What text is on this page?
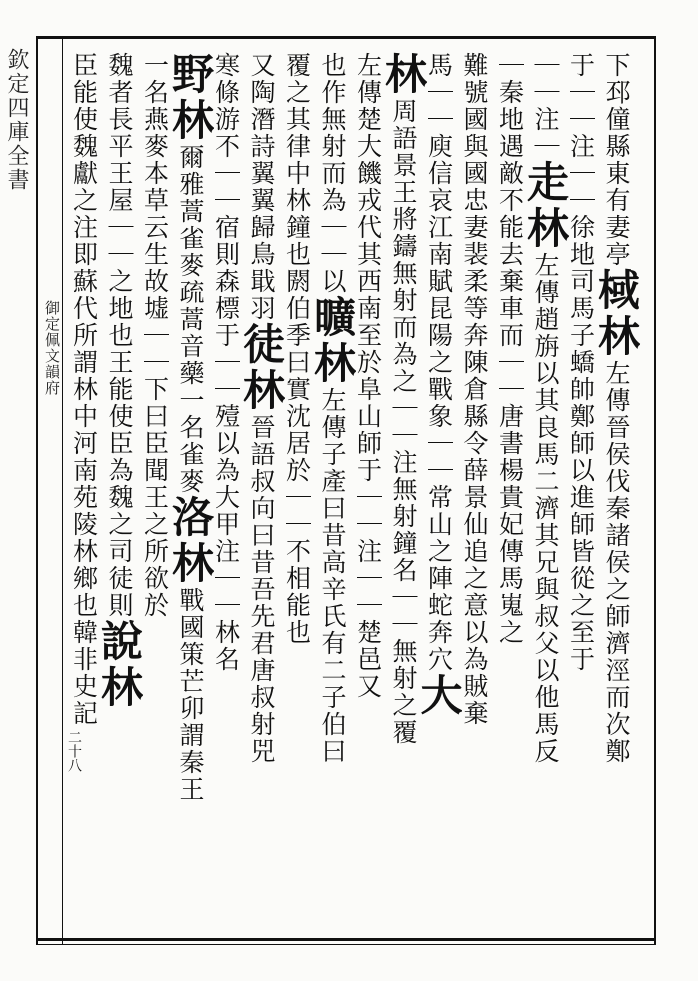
欽定四庫全書
御定佩文韻府
二十八
下邳僮縣東有妻亭棫林左傳晉侯伐秦諸侯之師濟涇而次鄭
于｜｜注｜｜徐地司馬子蟜帥鄭師以進師皆從之至于
｜｜注｜走林左傳趙旃以其良馬二濟其兄與叔父以他馬反
｜秦地遇敵不能去棄車而｜｜唐書楊貴妃傳馬嵬之
難號國與國忠妻裴柔等奔陳倉縣令薛景仙追之意以為賊棄
馬｜｜庾信哀江南賦昆陽之戰象｜｜常山之陣蛇奔穴大
林周語景王將鑄無射而為之｜｜注無射鐘名｜｜無射之覆
左傳楚大饑戎代其西南至於阜山師于｜｜注｜｜楚邑又
也作無射而為｜｜以曠林左傳子產曰昔高辛氏有二子伯曰
覆之其律中林鐘也閼伯季曰實沈居於｜｜不相能也
又陶潛詩翼翼歸鳥戢羽徒林晉語叔向曰昔吾先君唐叔射兕
寒條游不｜｜宿則森標于｜｜殪以為大甲注｜｜林名
野林爾雅蒿雀麥疏蒿音藥一名雀麥洛林戰國策芒卯謂秦王
一名燕麥本草云生故墟｜｜下曰臣聞王之所欲於
魏者長平王屋｜｜之地也王能使臣為魏之司徒則說林
臣能使魏獻之注即蘇代所謂林中河南苑陵林鄉也韓非史記
